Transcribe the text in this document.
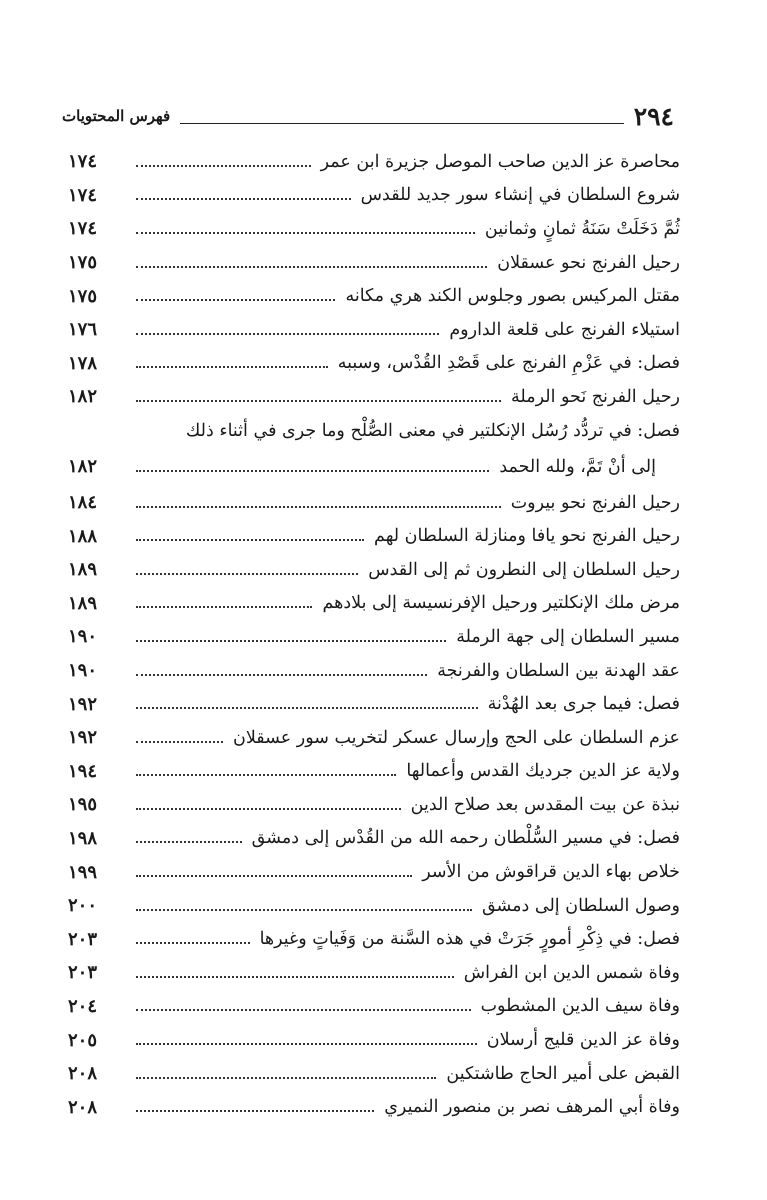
٢٩٤
فهرس المحتويات
محاصرة عز الدين صاحب الموصل جزيرة ابن عمر
١٧٤
شروع السلطان في إنشاء سور جديد للقدس
١٧٤
ثُمَّ دَخَلَتْ سَنَةُ ثمانٍ وثمانين
١٧٤
رحيل الفرنج نحو عسقلان
١٧٥
مقتل المركيس بصور وجلوس الكند هري مكانه
١٧٥
استيلاء الفرنج على قلعة الداروم
١٧٦
فصل: في عَزْمِ الفرنج على قَصْدِ القُدْس، وسببه
١٧٨
رحيل الفرنج نَحو الرملة
١٨٢
فصل: في تردُّد رُسُل الإنكلتير في معنى الصُّلْح وما جرى في أثناء ذلك
إلى أنْ تَمَّ، ولله الحمد
١٨٢
رحيل الفرنج نحو بيروت
١٨٤
رحيل الفرنج نحو يافا ومنازلة السلطان لهم
١٨٨
رحيل السلطان إلى النطرون ثم إلى القدس
١٨٩
مرض ملك الإنكلتير ورحيل الإفرنسيسة إلى بلادهم
١٨٩
مسير السلطان إلى جهة الرملة
١٩٠
عقد الهدنة بين السلطان والفرنجة
١٩٠
فصل: فيما جرى بعد الهُدْنة
١٩٢
عزم السلطان على الحج وإرسال عسكر لتخريب سور عسقلان
١٩٢
ولاية عز الدين جرديك القدس وأعمالها
١٩٤
نبذة عن بيت المقدس بعد صلاح الدين
١٩٥
فصل: في مسير السُّلْطان رحمه الله من القُدْس إلى دمشق
١٩٨
خلاص بهاء الدين قراقوش من الأسر
١٩٩
وصول السلطان إلى دمشق
٢٠٠
فصل: في ذِكْرِ أمورٍ جَرَتْ في هذه السَّنة من وَفَياتٍ وغيرها
٢٠٣
وفاة شمس الدين ابن الفراش
٢٠٣
وفاة سيف الدين المشطوب
٢٠٤
وفاة عز الدين قليج أرسلان
٢٠٥
القبض على أمير الحاج طاشتكين
٢٠٨
وفاة أبي المرهف نصر بن منصور النميري
٢٠٨
